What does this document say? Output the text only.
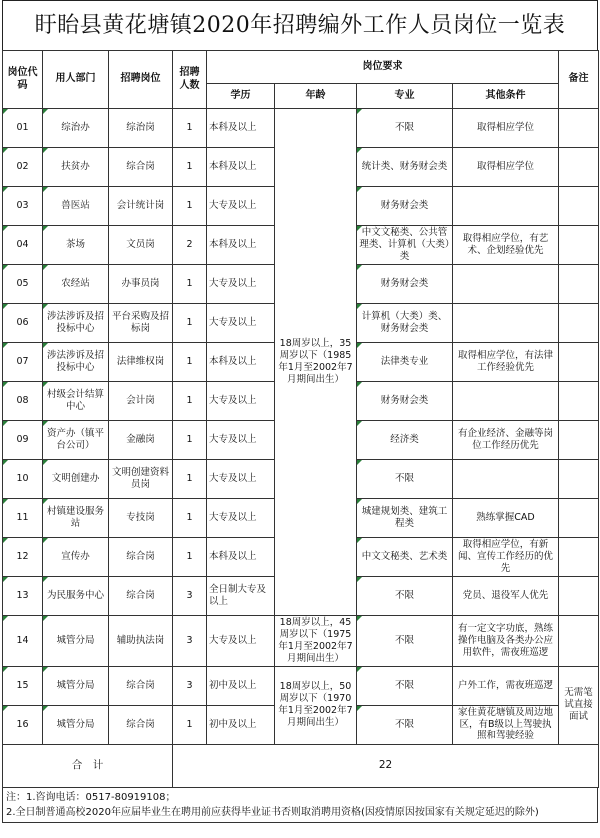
盱眙县黄花塘镇2020年招聘编外工作人员岗位一览表
岗位代码	用人部门	招聘岗位	招聘人数	岗位要求				备注
				学历	年龄	专业	其他条件	
01	综治办	综治岗	1	本科及以上	18周岁以上，35周岁以下（1985年1月至2002年7月期间出生）	不限	取得相应学位	
02	扶贫办	综合岗	1	本科及以上		统计类、财务财会类	取得相应学位	
03	兽医站	会计统计岗	1	大专及以上		财务财会类		
04	茶场	文员岗	2	本科及以上		中文文秘类、公共管理类、计算机（大类）类	取得相应学位，有艺术、企划经验优先	
05	农经站	办事员岗	1	大专及以上		财务财会类		
06	涉法涉诉及招投标中心	平台采购及招标岗	1	大专及以上		计算机（大类）类、财务财会类		
07	涉法涉诉及招投标中心	法律维权岗	1	本科及以上		法律类专业	取得相应学位，有法律工作经验优先	
08	村级会计结算中心	会计岗	1	大专及以上		财务财会类		
09	资产办（镇平台公司）	金融岗	1	大专及以上		经济类	有企业经济、金融等岗位工作经历优先	
10	文明创建办	文明创建资料员岗	1	大专及以上		不限		
11	村镇建设服务站	专技岗	1	大专及以上		城建规划类、建筑工程类	熟练掌握CAD	
12	宣传办	综合岗	1	本科及以上		中文文秘类、艺术类	取得相应学位，有新闻、宣传工作经历的优先	
13	为民服务中心	综合岗	3	全日制大专及以上		不限	党员、退役军人优先	
14	城管分局	辅助执法岗	3	大专及以上	18周岁以上，45周岁以下（1975年1月至2002年7月期间出生）	不限	有一定文字功底，熟练操作电脑及各类办公应用软件，需夜班巡逻	
15	城管分局	综合岗	3	初中及以上	18周岁以上，50周岁以下（1970年1月至2002年7月期间出生）	不限	户外工作，需夜班巡逻	无需笔试直接面试
16	城管分局	综合岗	1	初中及以上		不限	家住黄花塘镇及周边地区，有B级以上驾驶执照和驾驶经验	
合　计			22					
注：1.咨询电话：0517-80919108；
2.全日制普通高校2020年应届毕业生在聘用前应获得毕业证书否则取消聘用资格(因疫情原因按国家有关规定延迟的除外)
